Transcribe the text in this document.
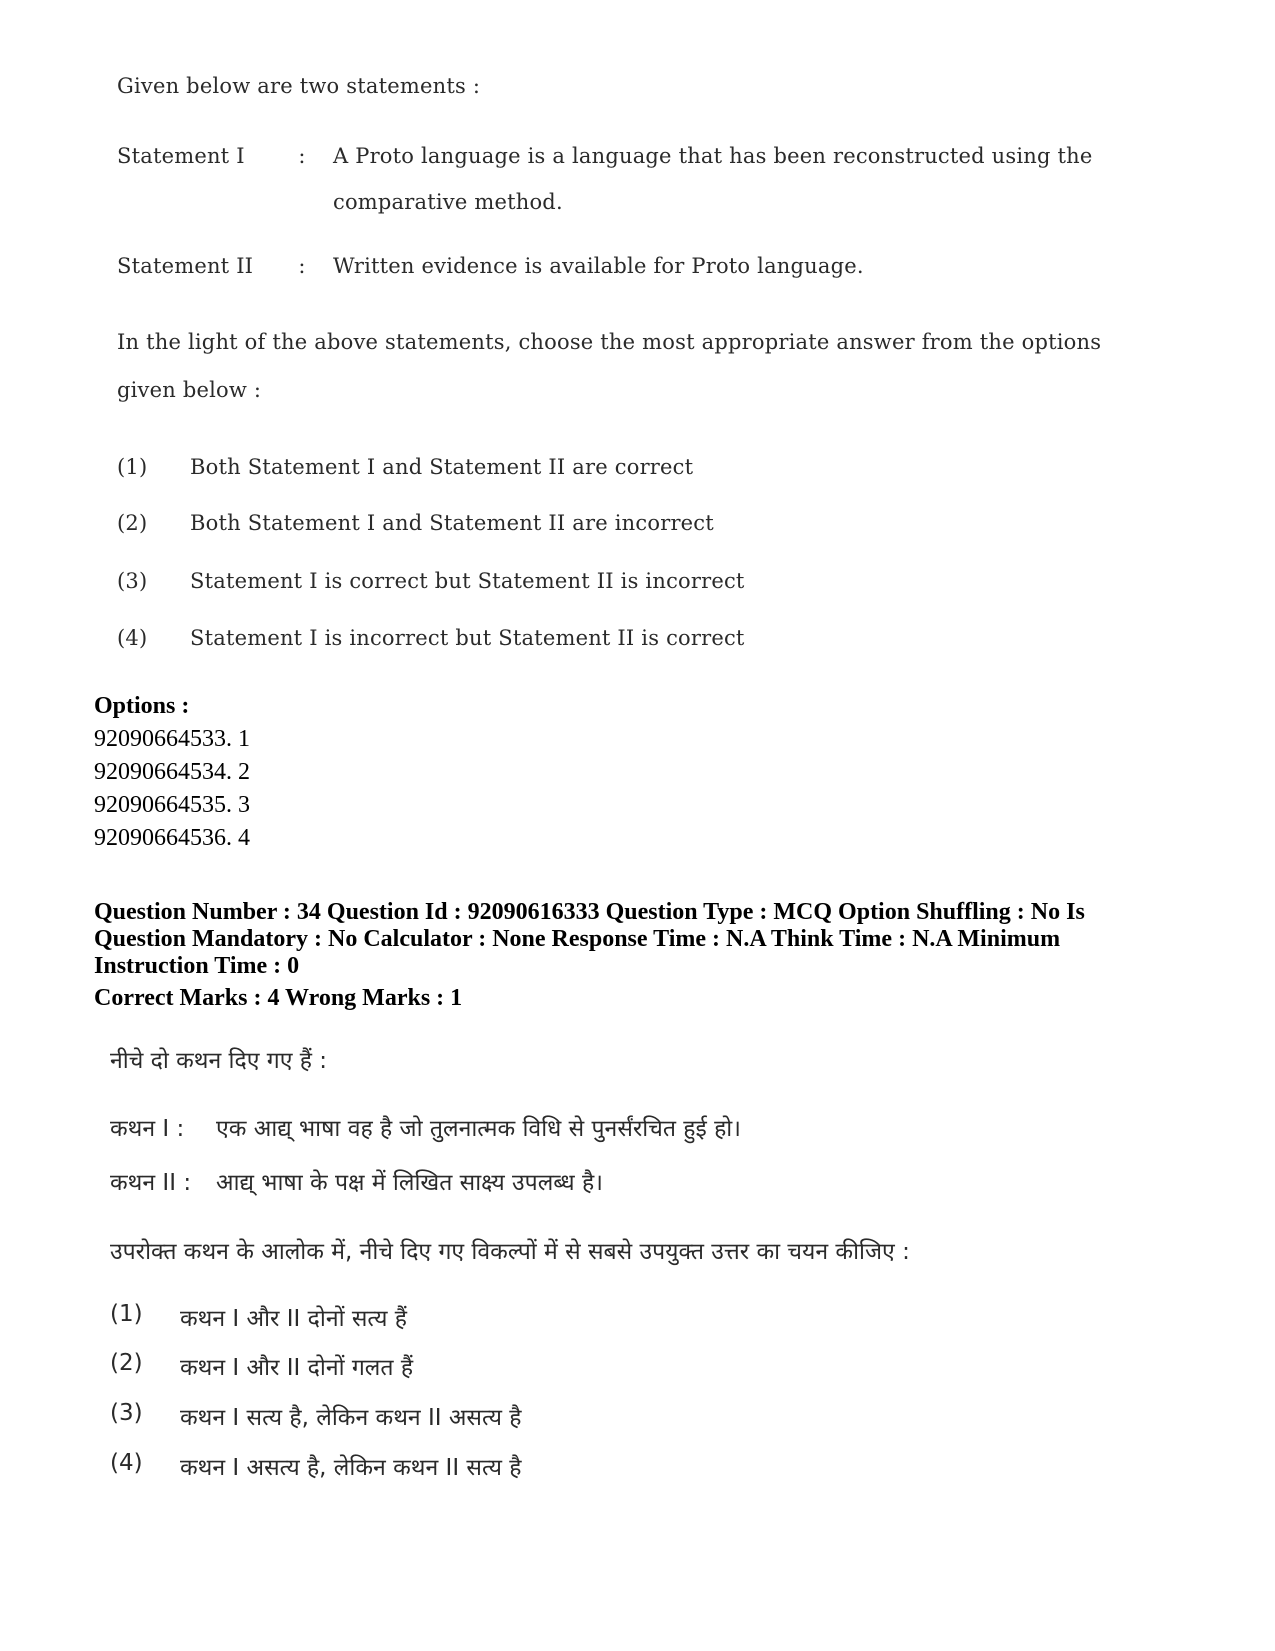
Given below are two statements :
Statement I	: A Proto language is a language that has been reconstructed using the
comparative method.
Statement II : Written evidence is available for Proto language.
In the light of the above statements, choose the most appropriate answer from the options
given below :
(1) Both Statement I and Statement II are correct
(2) Both Statement I and Statement II are incorrect
(3) Statement I is correct but Statement II is incorrect
(4) Statement I is incorrect but Statement II is correct
Options :
92090664533. 1
92090664534. 2
92090664535. 3
92090664536. 4
Question Number : 34 Question Id : 92090616333 Question Type : MCQ Option Shuffling : No Is
Question Mandatory : No Calculator : None Response Time : N.A Think Time : N.A Minimum
Instruction Time : 0
Correct Marks : 4 Wrong Marks : 1
नीचे दो कथन दिए गए हैं :
कथन I : एक आद्य् भाषा वह है जो तुलनात्मक विधि से पुनर्संरचित हुई हो।
कथन II : आद्य् भाषा के पक्ष में लिखित साक्ष्य उपलब्ध है।
उपरोक्त कथन के आलोक में, नीचे दिए गए विकल्पों में से सबसे उपयुक्त उत्तर का चयन कीजिए :
(1) कथन I और II दोनों सत्य हैं
(2) कथन I और II दोनों गलत हैं
(3) कथन I सत्य है, लेकिन कथन II असत्य है
(4) कथन I असत्य है, लेकिन कथन II सत्य है
